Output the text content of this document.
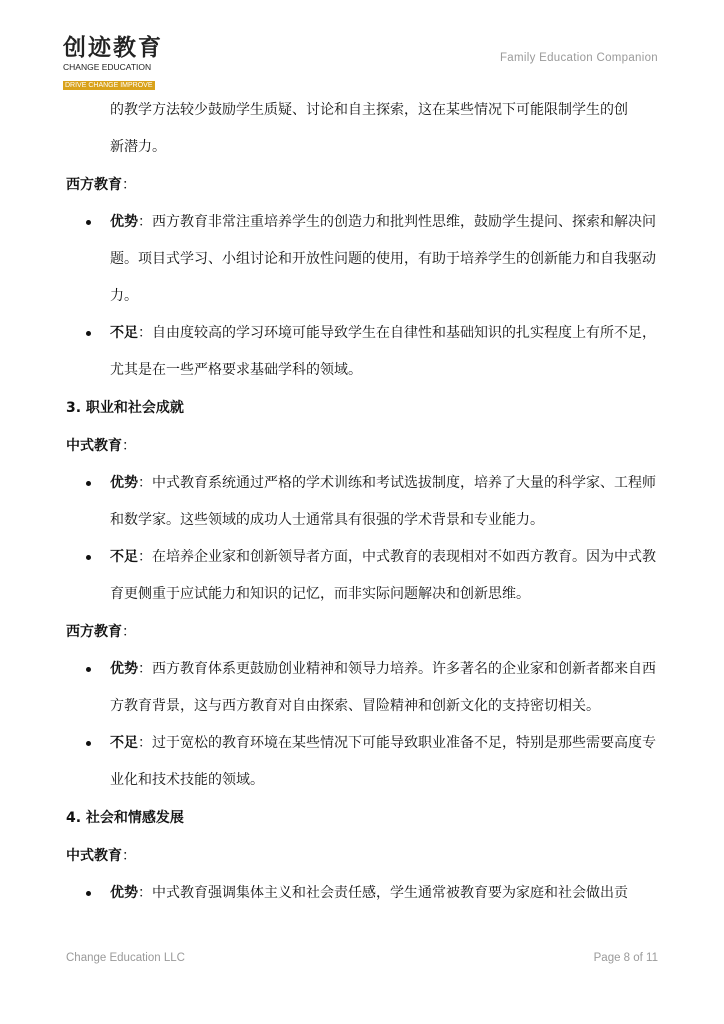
创迹教育
CHANGE EDUCATION
DRIVE CHANGE IMPROVE
Family Education Companion
的教学方法较少鼓励学生质疑、讨论和自主探索，这在某些情况下可能限制学生的创
新潜力。
西方教育：
优势：西方教育非常注重培养学生的创造力和批判性思维，鼓励学生提问、探索和解决问题。项目式学习、小组讨论和开放性问题的使用，有助于培养学生的创新能力和自我驱动力。
不足：自由度较高的学习环境可能导致学生在自律性和基础知识的扎实程度上有所不足，尤其是在一些严格要求基础学科的领域。
3. 职业和社会成就
中式教育：
优势：中式教育系统通过严格的学术训练和考试选拔制度，培养了大量的科学家、工程师和数学家。这些领域的成功人士通常具有很强的学术背景和专业能力。
不足：在培养企业家和创新领导者方面，中式教育的表现相对不如西方教育。因为中式教育更侧重于应试能力和知识的记忆，而非实际问题解决和创新思维。
西方教育：
优势：西方教育体系更鼓励创业精神和领导力培养。许多著名的企业家和创新者都来自西方教育背景，这与西方教育对自由探索、冒险精神和创新文化的支持密切相关。
不足：过于宽松的教育环境在某些情况下可能导致职业准备不足，特别是那些需要高度专业化和技术技能的领域。
4. 社会和情感发展
中式教育：
优势：中式教育强调集体主义和社会责任感，学生通常被教育要为家庭和社会做出贡
Change Education LLC	Page 8 of 11
